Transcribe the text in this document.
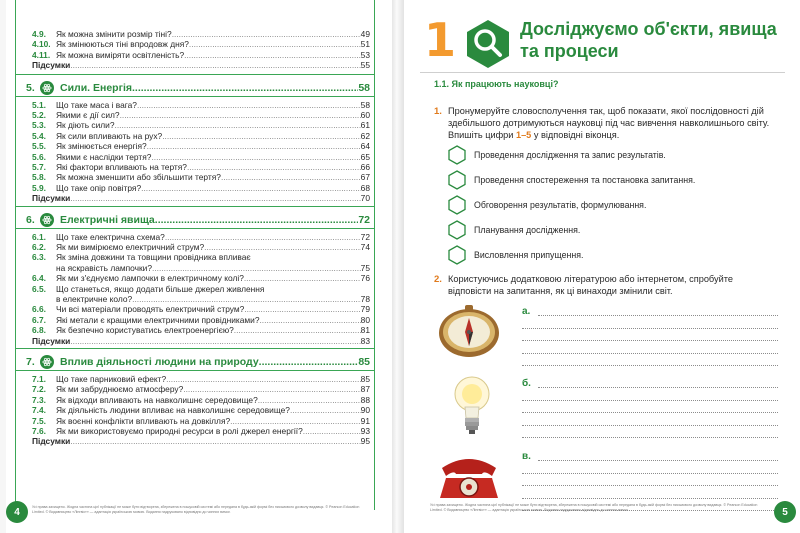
4.9.	Як можна змінити розмір тіні? .....	49
4.10. Як змінюються тіні впродовж дня? .....	51
4.11. Як можна виміряти освітленість? .....	53
Підсумки .....	55
5.	Сили. Енергія .....	58
5.1.	Що таке маса і вага? .....	58
5.2.	Якими є дії сил? .....	60
5.3.	Як діють сили? .....	61
5.4.	Як сили впливають на рух? .....	62
5.5.	Як змінюється енергія? .....	64
5.6.	Якими є наслідки тертя? .....	65
5.7.	Які фактори впливають на тертя? .....	66
5.8.	Як можна зменшити або збільшити тертя? .....	67
5.9.	Що таке опір повітря? .....	68
Підсумки .....	70
6.	Електричні явища .....	72
6.1.	Що таке електрична схема? .....	72
6.2.	Як ми вимірюємо електричний струм? .....	74
6.3.	Як зміна довжини та товщини провідника впливає
на яскравість лампочки? .....	75
6.4.	Як ми з'єднуємо лампочки в електричному колі? .....	76
6.5.	Що станеться, якщо додати більше джерел живлення
в електричне коло? .....	78
6.6.	Чи всі матеріали проводять електричний струм? .....	79
6.7.	Які метали є кращими електричними провідниками? .....	80
6.8.	Як безпечно користуватись електроенергією? .....	81
Підсумки .....	83
7.	Вплив діяльності людини на природу .....	85
7.1.	Що таке парниковий ефект? .....	85
7.2.	Як ми забруднюємо атмосферу? .....	87
7.3.	Як відходи впливають на навколишнє середовище? .....	88
7.4.	Як діяльність людини впливає на навколишнє середовище? .....	90
7.5.	Як воєнні конфлікти впливають на довкілля? .....	91
7.6.	Як ми використовуємо природні ресурси в ролі джерел енергії? .....	93
Підсумки .....	95
4	Усі права захищено. Жодна частина цієї публікації не може бути відтворена, збережена в пошуковій системі або передана в будь-якій формі без письмового дозволу видавця. © Pearson Education Limited. © Видавництво «Лінгвіст» — адаптація українською мовою. Видання надруковано відповідно до чинних вимог.
1	Досліджуємо об'єкти, явища та процеси
1.1. Як працюють науковці?
1. Пронумеруйте словосполучення так, щоб показати, якої послідовності дій здебільшого дотримуються науковці під час вивчення навколишнього світу. Впишіть цифри 1–5 у відповідні віконця.
Проведення дослідження та запис результатів.
Проведення спостереження та постановка запитання.
Обговорення результатів, формулювання.
Планування дослідження.
Висловлення припущення.
2. Користуючись додатковою літературою або інтернетом, спробуйте відповісти на запитання, як ці винаходи змінили світ.
а.
б.
в.
5
Усі права захищено. Жодна частина цієї публікації не може бути відтворена, збережена в пошуковій системі або передана в будь-якій формі без письмового дозволу видавця. © Pearson Education Limited. © Видавництво «Лінгвіст» — адаптація українською мовою. Видання надруковано відповідно до чинних вимог.
